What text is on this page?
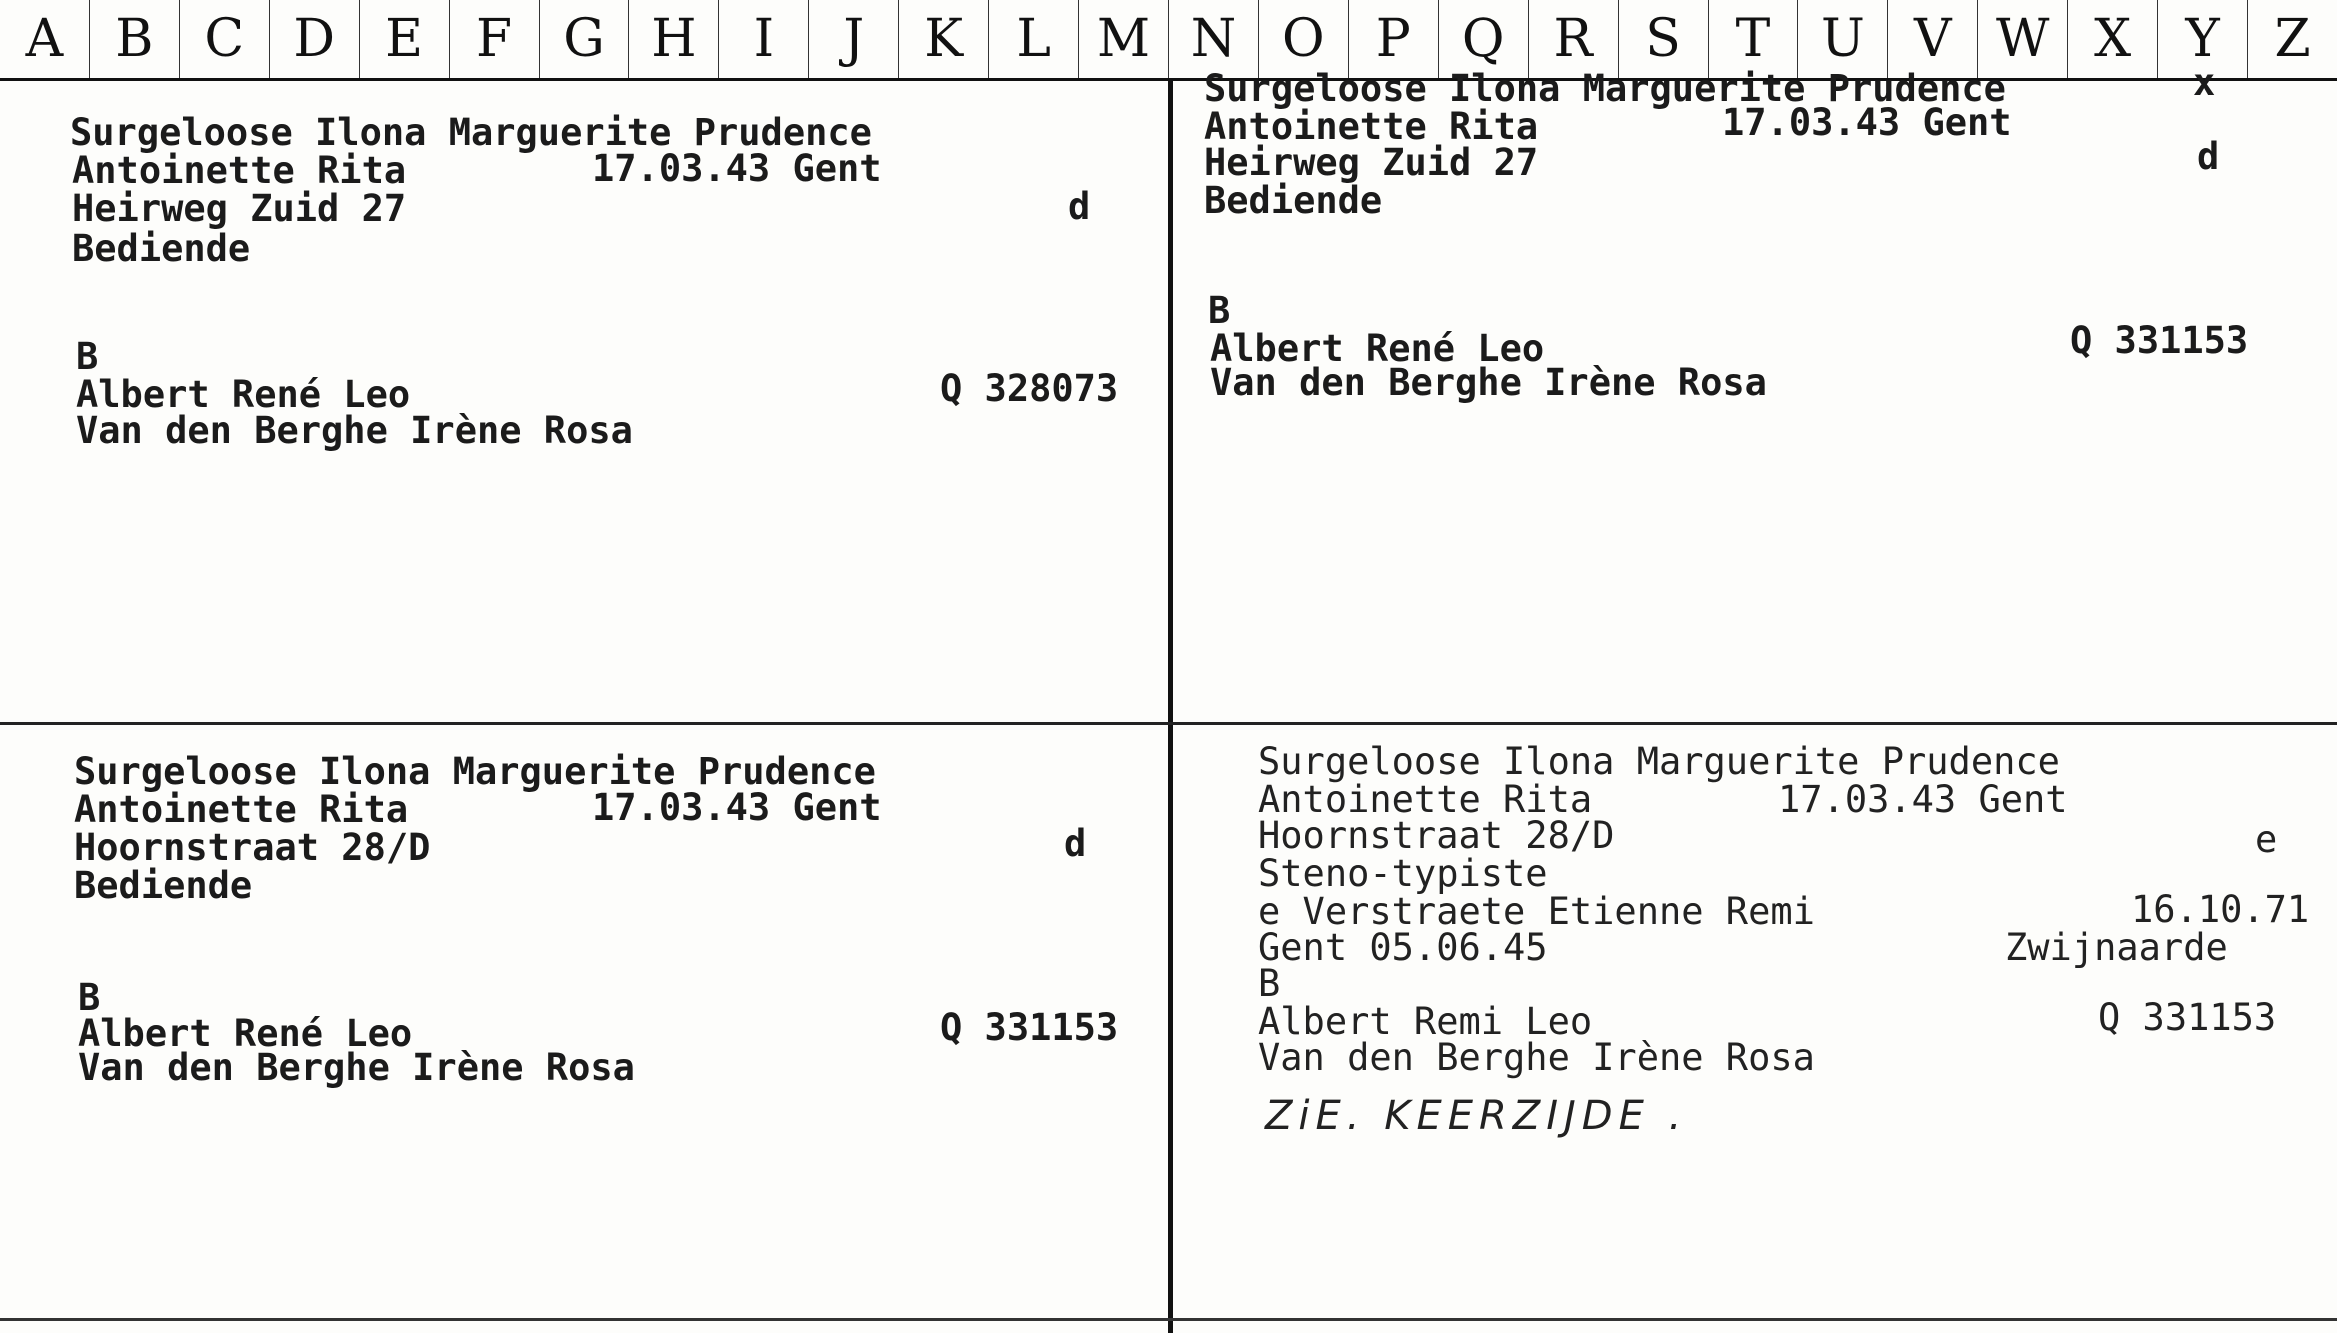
A	B C D E	F G H	I	J	K	L M N O P Q R	S	T U V W X	Y	Z
Surgeloose Ilona Marguerite Prudence
Antoinette Rita	17.03.43 Gent
Heirweg Zuid 27	d
Bediende
B
Albert René Leo	Q 328073
Van den Berghe Irène Rosa
Surgeloose Ilona Marguerite Prudence	x
Antoinette Rita	17.03.43 Gent
Heirweg Zuid 27	d
Bediende
B
Albert René Leo	Q 331153
Van den Berghe Irène Rosa
Surgeloose Ilona Marguerite Prudence
Antoinette Rita	17.03.43 Gent
Hoornstraat 28/D	d
Bediende
B
Albert René Leo	Q 331153
Van den Berghe Irène Rosa
Surgeloose Ilona Marguerite Prudence
Antoinette Rita	17.03.43 Gent
Hoornstraat 28/D	e
Steno-typiste
e Verstraete Etienne Remi	16.10.71
Gent 05.06.45	Zwijnaarde
B
Albert Remi Leo	Q 331153
Van den Berghe Irène Rosa
ZiE. KEERZIJDE .
